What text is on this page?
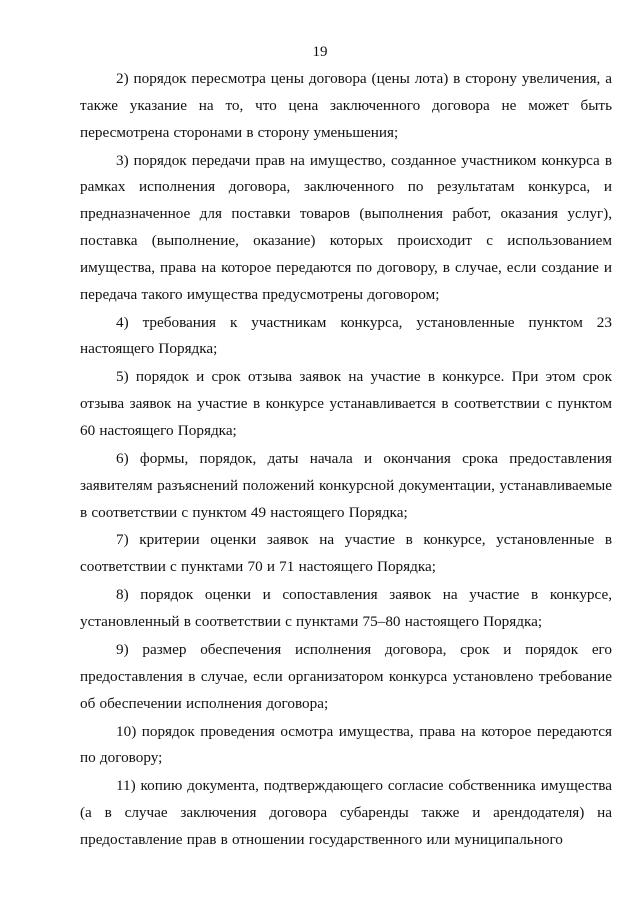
19

2) порядок пересмотра цены договора (цены лота) в сторону увеличения, а также указание на то, что цена заключенного договора не может быть пересмотрена сторонами в сторону уменьшения;

3) порядок передачи прав на имущество, созданное участником конкурса в рамках исполнения договора, заключенного по результатам конкурса, и предназначенное для поставки товаров (выполнения работ, оказания услуг), поставка (выполнение, оказание) которых происходит с использованием имущества, права на которое передаются по договору, в случае, если создание и передача такого имущества предусмотрены договором;

4) требования к участникам конкурса, установленные пунктом 23 настоящего Порядка;

5) порядок и срок отзыва заявок на участие в конкурсе. При этом срок отзыва заявок на участие в конкурсе устанавливается в соответствии с пунктом 60 настоящего Порядка;

6) формы, порядок, даты начала и окончания срока предоставления заявителям разъяснений положений конкурсной документации, устанавливаемые в соответствии с пунктом 49 настоящего Порядка;

7) критерии оценки заявок на участие в конкурсе, установленные в соответствии с пунктами 70 и 71 настоящего Порядка;

8) порядок оценки и сопоставления заявок на участие в конкурсе, установленный в соответствии с пунктами 75–80 настоящего Порядка;

9) размер обеспечения исполнения договора, срок и порядок его предоставления в случае, если организатором конкурса установлено требование об обеспечении исполнения договора;

10) порядок проведения осмотра имущества, права на которое передаются по договору;

11) копию документа, подтверждающего согласие собственника имущества (а в случае заключения договора субаренды также и арендодателя) на предоставление прав в отношении государственного или муниципального
